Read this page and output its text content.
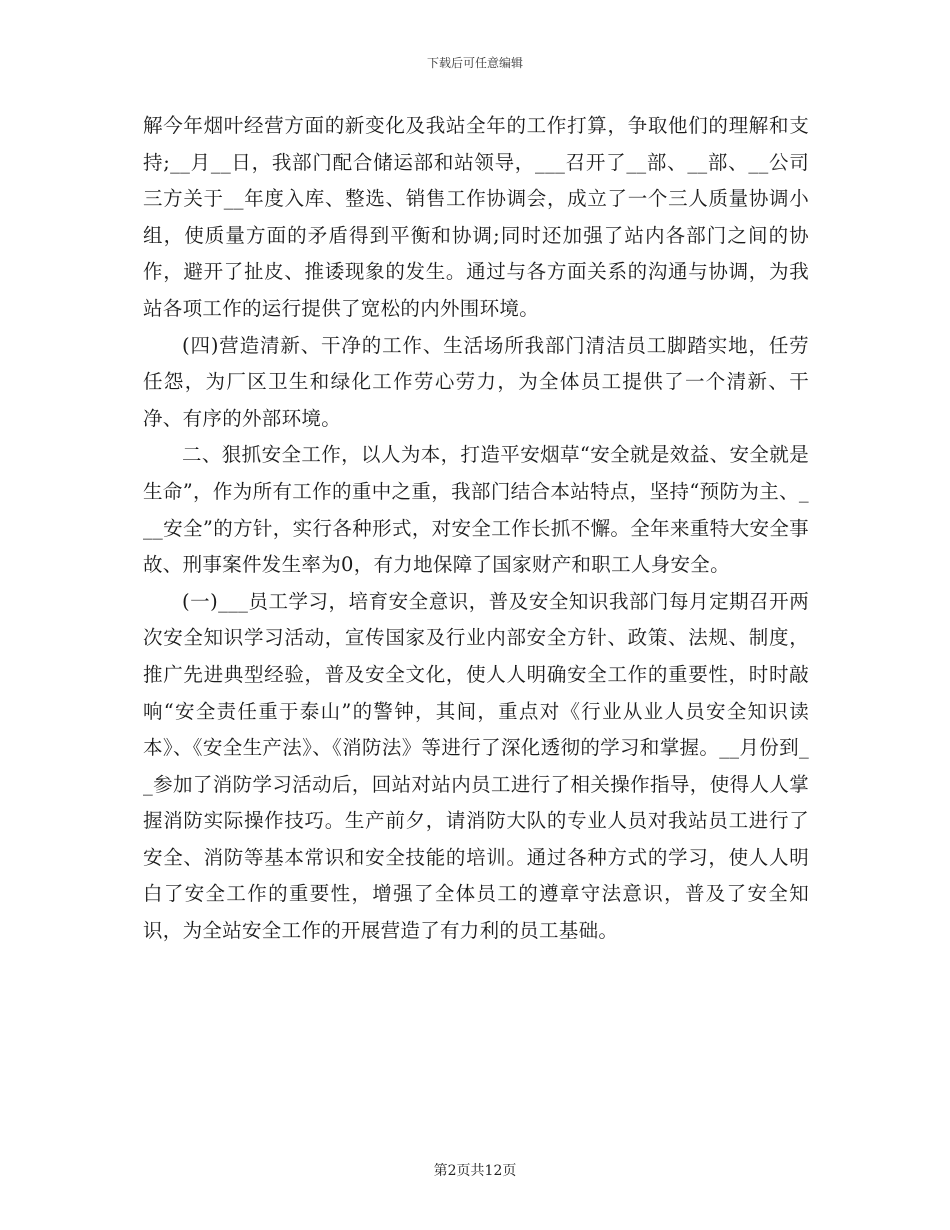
下载后可任意编辑

解今年烟叶经营方面的新变化及我站全年的工作打算，争取他们的理解和支持;__月__日，我部门配合储运部和站领导，___召开了__部、__部、__公司三方关于__年度入库、整选、销售工作协调会，成立了一个三人质量协调小组，使质量方面的矛盾得到平衡和协调;同时还加强了站内各部门之间的协作，避开了扯皮、推诿现象的发生。通过与各方面关系的沟通与协调，为我站各项工作的运行提供了宽松的内外围环境。

(四)营造清新、干净的工作、生活场所我部门清洁员工脚踏实地，任劳任怨，为厂区卫生和绿化工作劳心劳力，为全体员工提供了一个清新、干净、有序的外部环境。

二、狠抓安全工作，以人为本，打造平安烟草“安全就是效益、安全就是生命”，作为所有工作的重中之重，我部门结合本站特点，坚持“预防为主、___安全”的方针，实行各种形式，对安全工作长抓不懈。全年来重特大安全事故、刑事案件发生率为0，有力地保障了国家财产和职工人身安全。

(一)___员工学习，培育安全意识，普及安全知识我部门每月定期召开两次安全知识学习活动，宣传国家及行业内部安全方针、政策、法规、制度，推广先进典型经验，普及安全文化，使人人明确安全工作的重要性，时时敲响“安全责任重于泰山”的警钟，其间，重点对《行业从业人员安全知识读本》、《安全生产法》、《消防法》等进行了深化透彻的学习和掌握。__月份到__参加了消防学习活动后，回站对站内员工进行了相关操作指导，使得人人掌握消防实际操作技巧。生产前夕，请消防大队的专业人员对我站员工进行了安全、消防等基本常识和安全技能的培训。通过各种方式的学习，使人人明白了安全工作的重要性，增强了全体员工的遵章守法意识，普及了安全知识，为全站安全工作的开展营造了有力利的员工基础。

第2页共12页
